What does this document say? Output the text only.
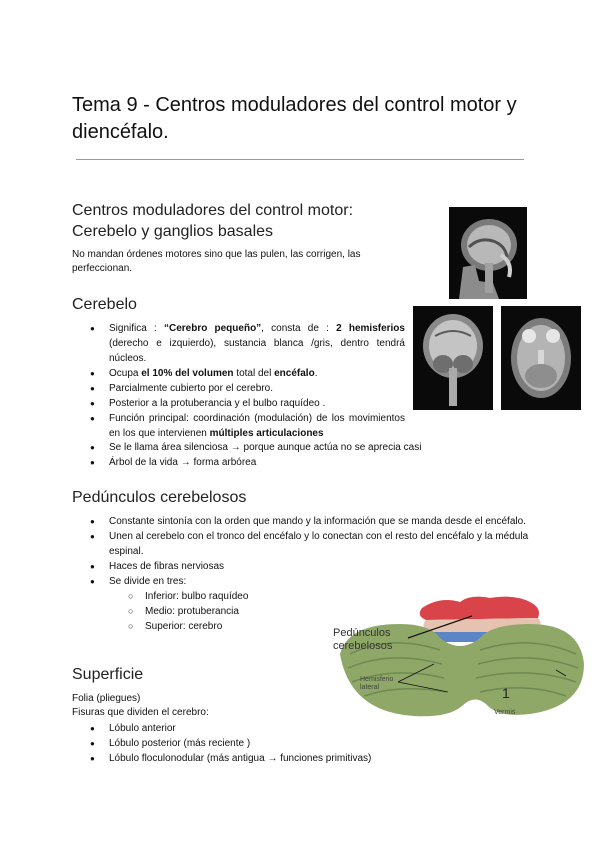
Tema 9 - Centros moduladores del control motor y diencéfalo.
Centros moduladores del control motor:
Cerebelo y ganglios basales
No mandan órdenes motores sino que las pulen, las corrigen, las perfeccionan.
Cerebelo
● Significa : “Cerebro pequeño”, consta de : 2 hemisferios (derecho e izquierdo), sustancia blanca /gris, dentro tendrá núcleos.
● Ocupa el 10% del volumen total del encéfalo.
● Parcialmente cubierto por el cerebro.
● Posterior a la protuberancia y el bulbo raquídeo .
● Función principal: coordinación (modulación) de los movimientos en los que intervienen múltiples articulaciones
● Se le llama área silenciosa → porque aunque actúa no se aprecia casi
● Árbol de la vida → forma arbórea
Pedúnculos cerebelosos
● Constante sintonía con la orden que mando y la información que se manda desde el encéfalo.
● Unen al cerebelo con el tronco del encéfalo y lo conectan con el resto del encéfalo y la médula espinal.
● Haces de fibras nerviosas
● Se divide en tres:
○ Inferior: bulbo raquídeo
○ Medio: protuberancia
○ Superior: cerebro
Pedúnculos
cerebelosos
Hemisferio
lateral	1
Vermis
Superficie
Folia (pliegues)
Fisuras que dividen el cerebro:
● Lóbulo anterior
● Lóbulo posterior (más reciente )
● Lóbulo floculonodular (más antigua → funciones primitivas)
